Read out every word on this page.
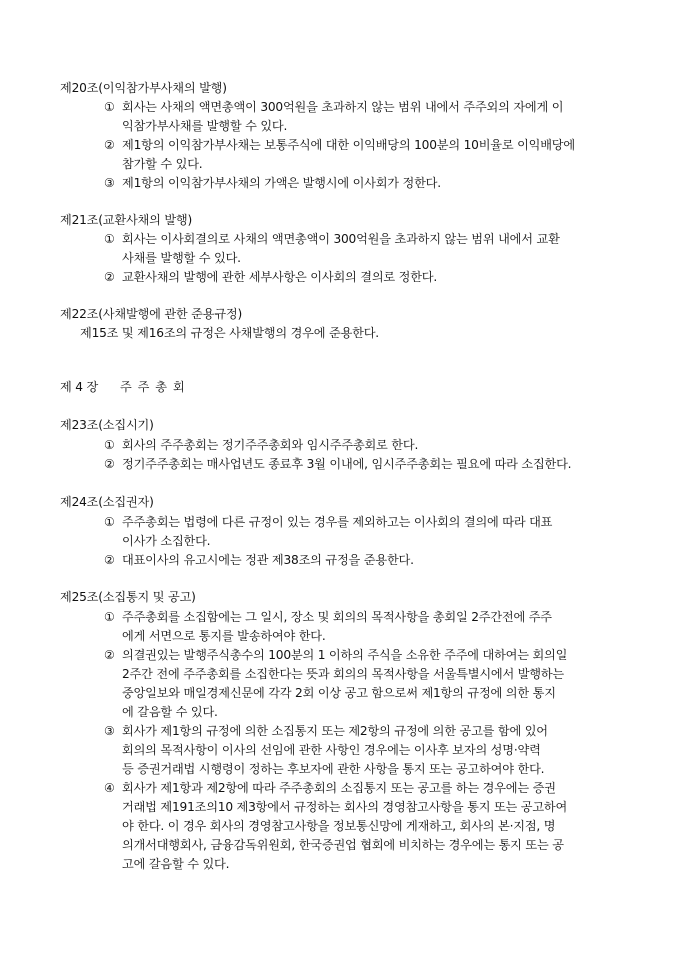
제20조(이익참가부사채의 발행)
① 회사는 사채의 액면총액이 300억원을 초과하지 않는 범위 내에서 주주외의 자에게 이
익참가부사채를 발행할 수 있다.
② 제1항의 이익참가부사채는 보통주식에 대한 이익배당의 100분의 10비율로 이익배당에
참가할 수 있다.
③ 제1항의 이익참가부사채의 가액은 발행시에 이사회가 정한다.
제21조(교환사채의 발행)
① 회사는 이사회결의로 사채의 액면총액이 300억원을 초과하지 않는 범위 내에서 교환
사채를 발행할 수 있다.
② 교환사채의 발행에 관한 세부사항은 이사회의 결의로 정한다.
제22조(사채발행에 관한 준용규정)
제15조 및 제16조의 규정은 사채발행의 경우에 준용한다.
제 4 장 주 주 총 회
제23조(소집시기)
① 회사의 주주총회는 정기주주총회와 임시주주총회로 한다.
② 정기주주총회는 매사업년도 종료후 3월 이내에, 임시주주총회는 필요에 따라 소집한다.
제24조(소집권자)
① 주주총회는 법령에 다른 규정이 있는 경우를 제외하고는 이사회의 결의에 따라 대표
이사가 소집한다.
② 대표이사의 유고시에는 정관 제38조의 규정을 준용한다.
제25조(소집통지 및 공고)
① 주주총회를 소집함에는 그 일시, 장소 및 회의의 목적사항을 총회일 2주간전에 주주
에게 서면으로 통지를 발송하여야 한다.
② 의결권있는 발행주식총수의 100분의 1 이하의 주식을 소유한 주주에 대하여는 회의일
2주간 전에 주주총회를 소집한다는 뜻과 회의의 목적사항을 서울특별시에서 발행하는
중앙일보와 매일경제신문에 각각 2회 이상 공고 함으로써 제1항의 규정에 의한 통지
에 갈음할 수 있다.
③ 회사가 제1항의 규정에 의한 소집통지 또는 제2항의 규정에 의한 공고를 함에 있어
회의의 목적사항이 이사의 선임에 관한 사항인 경우에는 이사후 보자의 성명·약력
등 증권거래법 시행령이 정하는 후보자에 관한 사항을 통지 또는 공고하여야 한다.
④ 회사가 제1항과 제2항에 따라 주주총회의 소집통지 또는 공고를 하는 경우에는 증권
거래법 제191조의10 제3항에서 규정하는 회사의 경영참고사항을 통지 또는 공고하여
야 한다. 이 경우 회사의 경영참고사항을 정보통신망에 게재하고, 회사의 본·지점, 명
의개서대행회사, 금융감독위원회, 한국증권업 협회에 비치하는 경우에는 통지 또는 공
고에 갈음할 수 있다.
